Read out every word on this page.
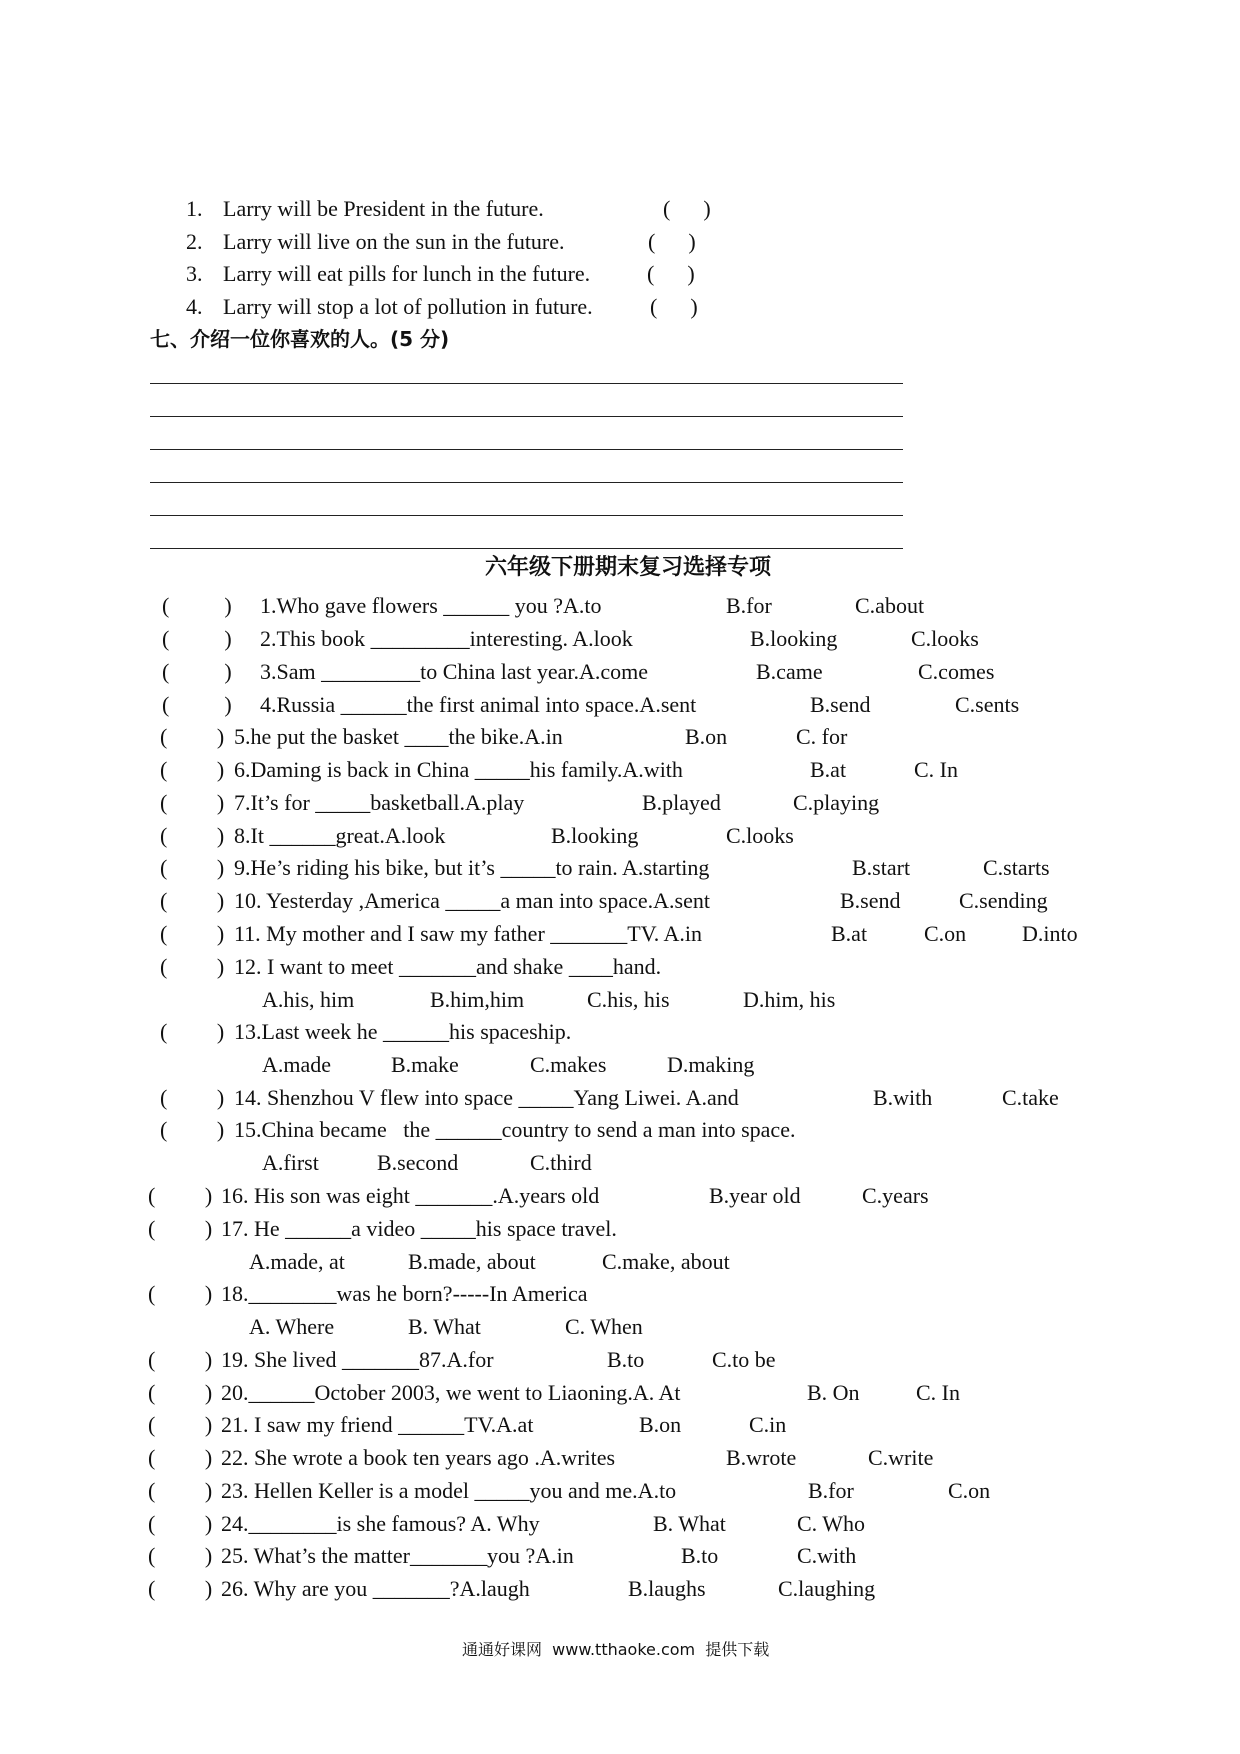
1. Larry will be President in the future.	(      )
2. Larry will live on the sun in the future.	(      )
3. Larry will eat pills for lunch in the future.	(      )
4. Larry will stop a lot of pollution in future.	(      )
七、介绍一位你喜欢的人。(5 分)
六年级下册期末复习选择专项
(          ) 1.Who gave flowers ______ you ?A.to	B.for	C.about
(          ) 2.This book _________interesting. A.look	B.looking	C.looks
(          ) 3.Sam _________to China last year.A.come	B.came	C.comes
(          ) 4.Russia ______the first animal into space.A.sent	B.send	C.sents
(         ) 5.he put the basket ____the bike.A.in	B.on	C. for
(         ) 6.Daming is back in China _____his family.A.with	B.at	C. In
(         ) 7.It’s for _____basketball.A.play	B.played	C.playing
(         ) 8.It ______great.A.look	B.looking	C.looks
(         ) 9.He’s riding his bike, but it’s _____to rain. A.starting	B.start	C.starts
(         ) 10. Yesterday ,America _____a man into space.A.sent	B.send	C.sending
(         ) 11. My mother and I saw my father _______TV. A.in	B.at	C.on	D.into
(         ) 12. I want to meet _______and shake ____hand.
A.his, him	B.him,him	C.his, his	D.him, his
(         ) 13.Last week he ______his spaceship.
A.made	B.make	C.makes	D.making
(         ) 14. Shenzhou V flew into space _____Yang Liwei. A.and	B.with	C.take
(         ) 15.China became   the ______country to send a man into space.
A.first	B.second	C.third
(         ) 16. His son was eight _______.A.years old	B.year old	C.years
(         ) 17. He ______a video _____his space travel.
A.made, at	B.made, about	C.make, about
(         ) 18.________was he born?-----In America
A. Where	B. What	C. When
(         ) 19. She lived _______87.A.for	B.to	C.to be
(         ) 20.______October 2003, we went to Liaoning.A. At	B. On	C. In
(         ) 21. I saw my friend ______TV.A.at	B.on	C.in
(         ) 22. She wrote a book ten years ago .A.writes	B.wrote	C.write
(         ) 23. Hellen Keller is a model _____you and me.A.to	B.for	C.on
(         ) 24.________is she famous? A. Why	B. What	C. Who
(         ) 25. What’s the matter_______you ?A.in	B.to	C.with
(         ) 26. Why are you _______?A.laugh	B.laughs	C.laughing
通通好课网  www.tthaoke.com  提供下载
